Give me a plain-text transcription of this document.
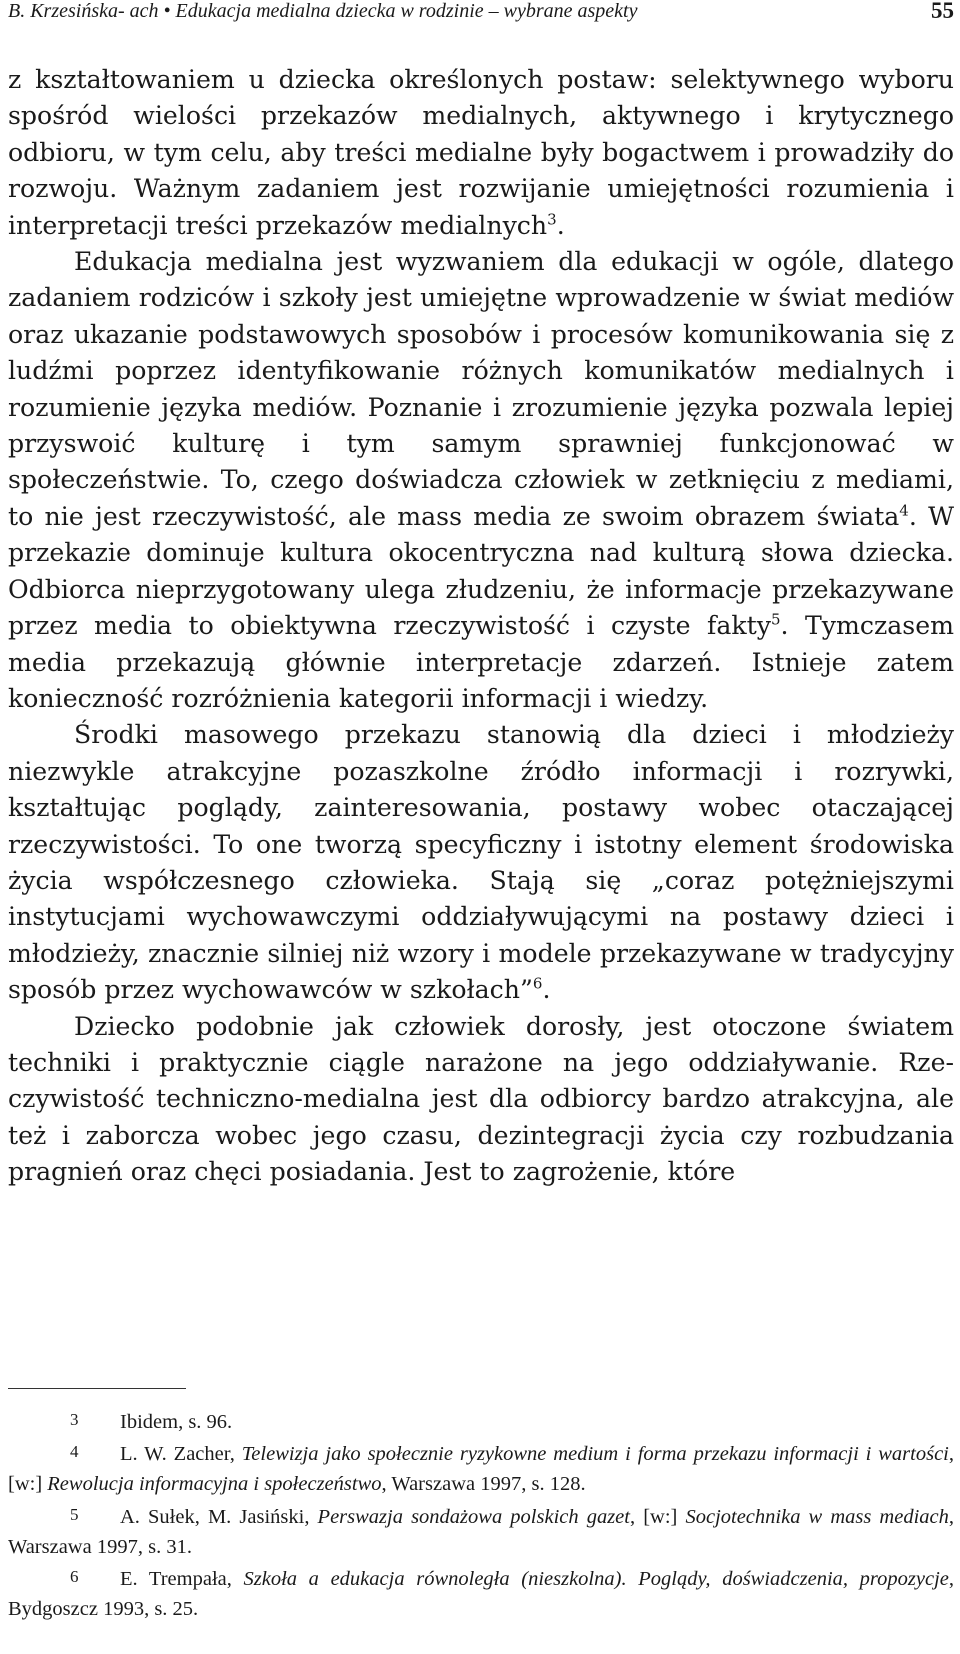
B. Krzesińska- ach • Edukacja medialna dziecka w rodzinie – wybrane aspekty	55

z kształtowaniem u dziecka określonych postaw: selektywnego wyboru spośród wielości przekazów medialnych, aktywnego i krytycznego odbioru, w tym celu, aby treści medialne były bogactwem i prowadziły do rozwoju. Ważnym zadaniem jest rozwijanie umiejętności rozumienia i interpretacji treści przekazów medialnych$^3$.

Edukacja medialna jest wyzwaniem dla edukacji w ogóle, dlatego zadaniem rodziców i szkoły jest umiejętne wprowadzenie w świat mediów oraz ukazanie podstawowych sposobów i procesów komunikowania się z ludźmi poprzez identyfikowanie różnych komunikatów medialnych i rozumienie języka mediów. Poznanie i zrozumienie języka pozwala lepiej przyswoić kulturę i tym samym sprawniej funkcjonować w społeczeństwie. To, czego doświadcza człowiek w zetknięciu z mediami, to nie jest rzeczywistość, ale mass media ze swoim obrazem świata$^4$. W przekazie dominuje kultura okocentryczna nad kulturą słowa dziecka. Odbiorca nieprzygotowany ulega złudzeniu, że informacje przekazywane przez media to obiektywna rzeczywistość i czyste fakty$^5$. Tymczasem media przekazują głównie interpretacje zdarzeń. Istnieje zatem konieczność rozróżnienia kategorii informacji i wiedzy.

Środki masowego przekazu stanowią dla dzieci i młodzieży niezwykle atrakcyjne pozaszkolne źródło informacji i rozrywki, kształtując poglądy, zainteresowania, postawy wobec otaczającej rzeczywistości. To one tworzą specyficzny i istotny element środowiska życia współczesnego człowieka. Stają się „coraz potężniejszymi instytucjami wychowawczymi oddziaływującymi na postawy dzieci i młodzieży, znacznie silniej niż wzory i modele przekazywane w tradycyjny sposób przez wychowawców w szkołach”$^6$.

Dziecko podobnie jak człowiek dorosły, jest otoczone światem techniki i praktycznie ciągle narażone na jego oddziaływanie. Rzeczywistość techniczno-medialna jest dla odbiorcy bardzo atrakcyjna, ale też i zaborcza wobec jego czasu, dezintegracji życia czy rozbudzania pragnień oraz chęci posiadania. Jest to zagrożenie, które

3 Ibidem, s. 96.

4 L. W. Zacher, Telewizja jako społecznie ryzykowne medium i forma przekazu informacji i wartości, [w:] Rewolucja informacyjna i społeczeństwo, Warszawa 1997, s. 128.

5 A. Sułek, M. Jasiński, Perswazja sondażowa polskich gazet, [w:] Socjotechnika w mass mediach, Warszawa 1997, s. 31.

6 E. Trempała, Szkoła a edukacja równoległa (nieszkolna). Poglądy, doświadczenia, propozycje, Bydgoszcz 1993, s. 25.
